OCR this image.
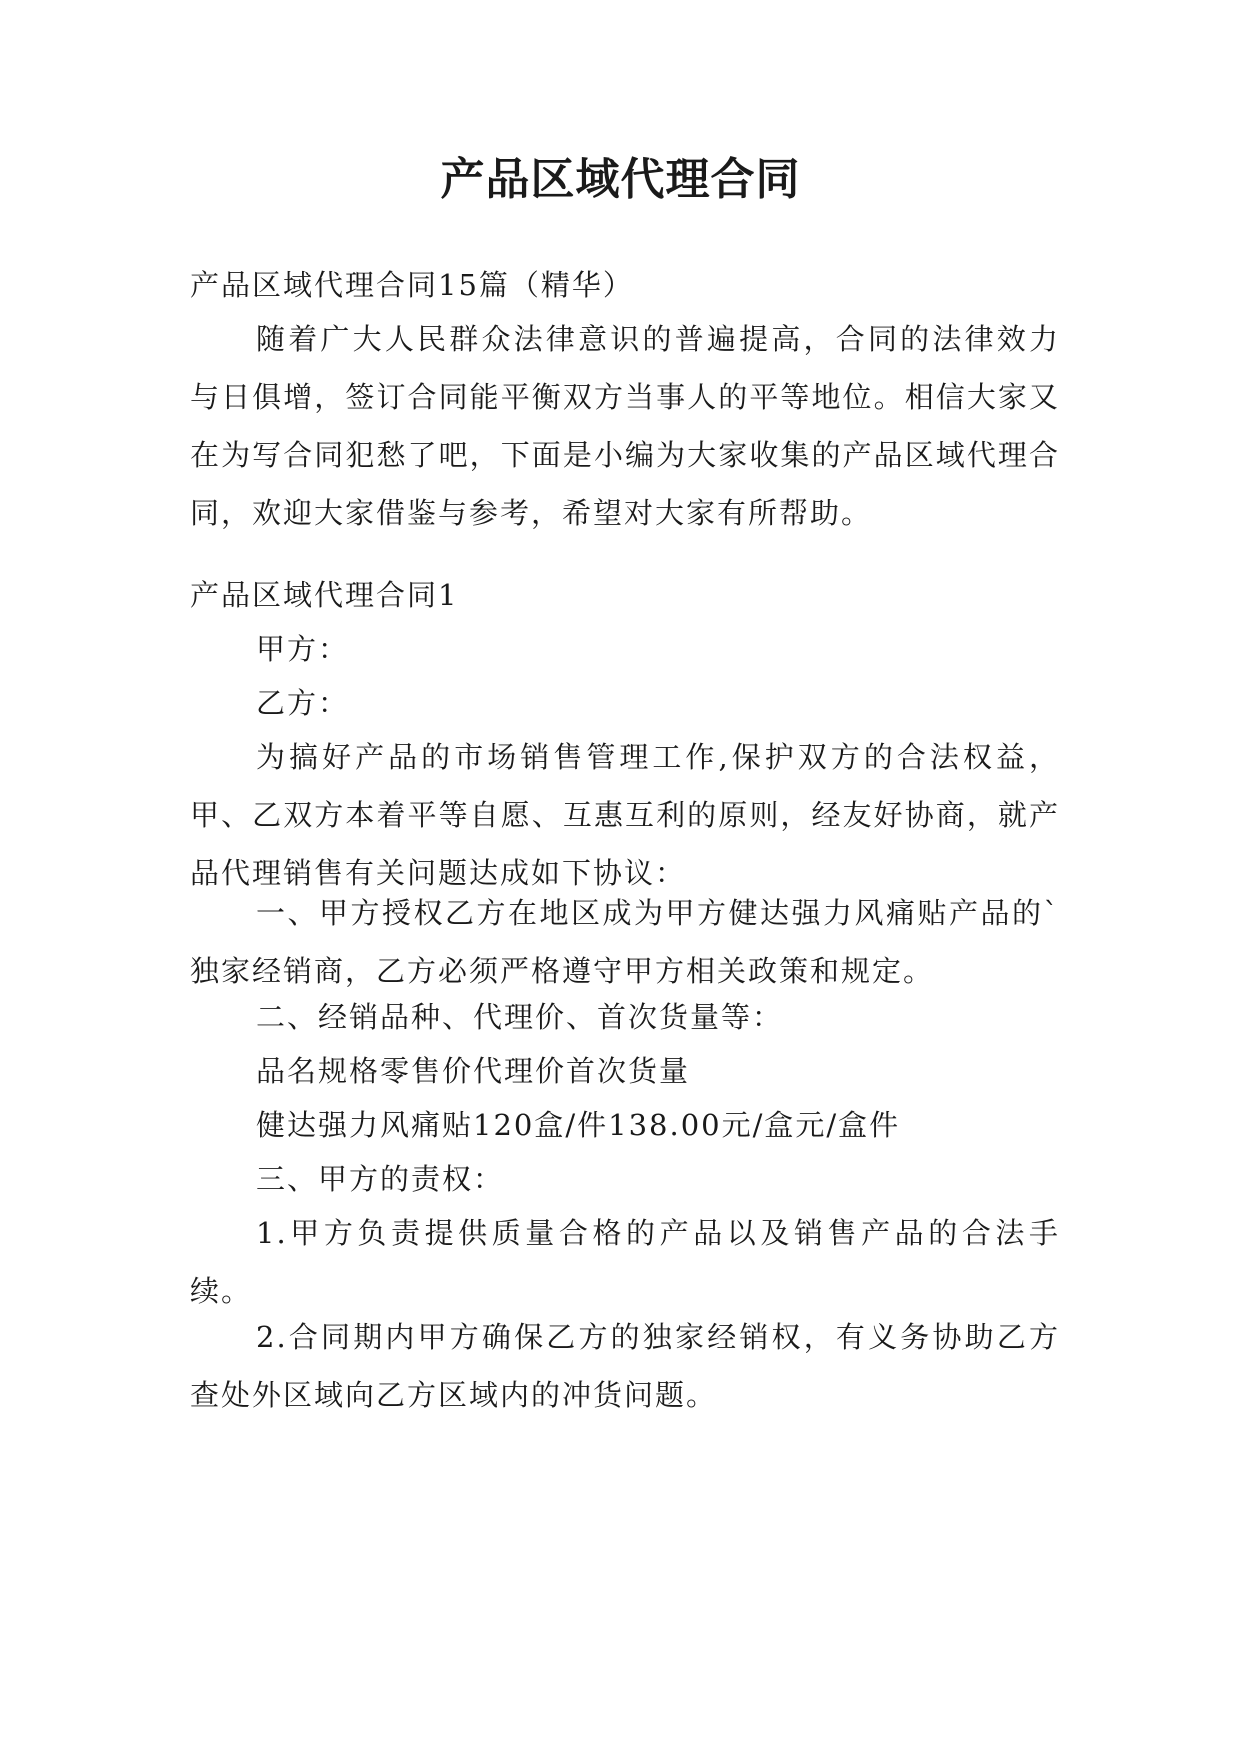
产品区域代理合同

产品区域代理合同15篇（精华）

随着广大人民群众法律意识的普遍提高，合同的法律效力与日俱增，签订合同能平衡双方当事人的平等地位。相信大家又在为写合同犯愁了吧，下面是小编为大家收集的产品区域代理合同，欢迎大家借鉴与参考，希望对大家有所帮助。

产品区域代理合同1

甲方：

乙方：

为搞好产品的市场销售管理工作,保护双方的合法权益，甲、乙双方本着平等自愿、互惠互利的原则，经友好协商，就产品代理销售有关问题达成如下协议：

一、甲方授权乙方在地区成为甲方健达强力风痛贴产品的`独家经销商，乙方必须严格遵守甲方相关政策和规定。

二、经销品种、代理价、首次货量等：

品名规格零售价代理价首次货量

健达强力风痛贴120盒/件138.00元/盒元/盒件

三、甲方的责权：

1.甲方负责提供质量合格的产品以及销售产品的合法手续。

2.合同期内甲方确保乙方的独家经销权，有义务协助乙方查处外区域向乙方区域内的冲货问题。
